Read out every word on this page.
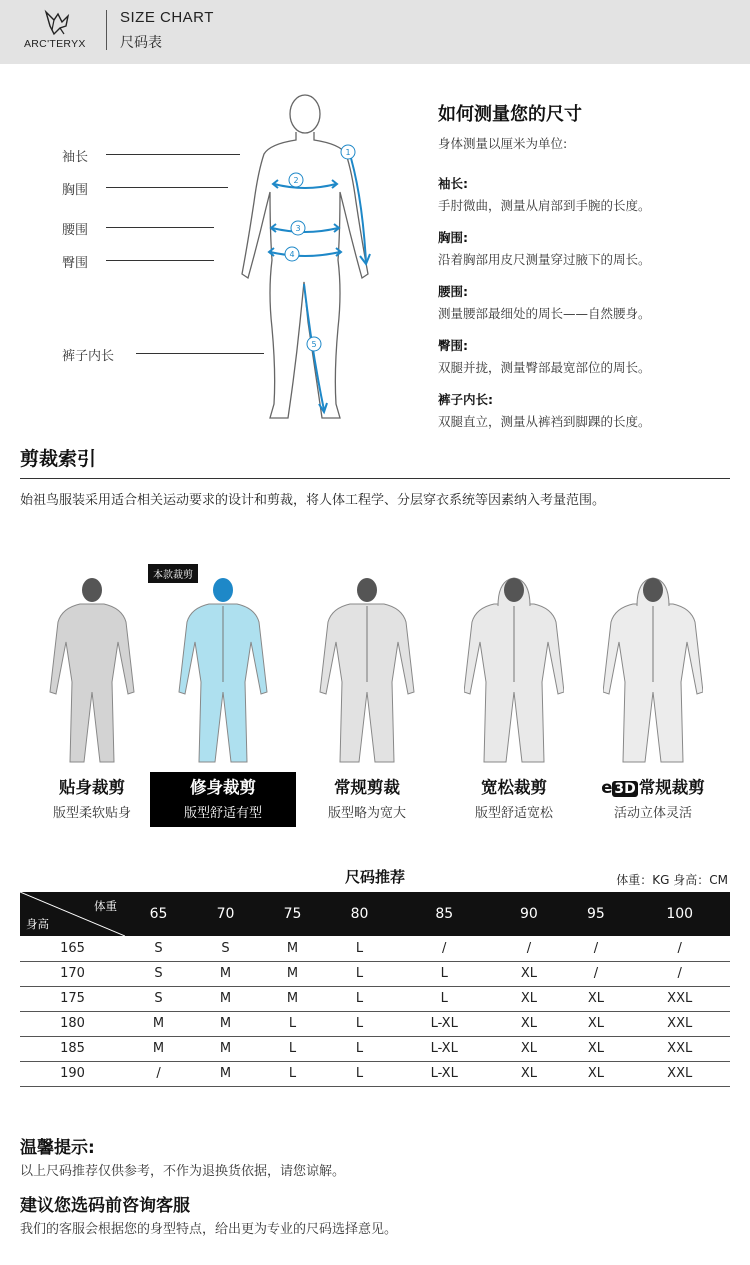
ARC'TERYX
SIZE CHART
尺码表
袖长
胸围
腰围
臀围
裤子内长
1
2
3
4
5
如何测量您的尺寸
身体测量以厘米为单位:
袖长:
手肘微曲，测量从肩部到手腕的长度。
胸围:
沿着胸部用皮尺测量穿过腋下的周长。
腰围:
测量腰部最细处的周长——自然腰身。
臀围:
双腿并拢，测量臀部最宽部位的周长。
裤子内长:
双腿直立，测量从裤裆到脚踝的长度。
剪裁索引
始祖鸟服装采用适合相关运动要求的设计和剪裁，将人体工程学、分层穿衣系统等因素纳入考量范围。
本款裁剪
贴身裁剪
版型柔软贴身
修身裁剪
版型舒适有型
常规剪裁
版型略为宽大
宽松裁剪
版型舒适宽松
e 3D 常规裁剪
活动立体灵活
尺码推荐	体重：KG 身高：CM
体重
身高	65	70	75	80	85	90	95	100
165	S	S	M	L	/	/	/	/
170	S	M	M	L	L	XL	/	/
175	S	M	M	L	L	XL	XL	XXL
180	M	M	L	L	L-XL	XL	XL	XXL
185	M	M	L	L	L-XL	XL	XL	XXL
190	/	M	L	L	L-XL	XL	XL	XXL
温馨提示:
以上尺码推荐仅供参考，不作为退换货依据，请您谅解。
建议您选码前咨询客服
我们的客服会根据您的身型特点，给出更为专业的尺码选择意见。
